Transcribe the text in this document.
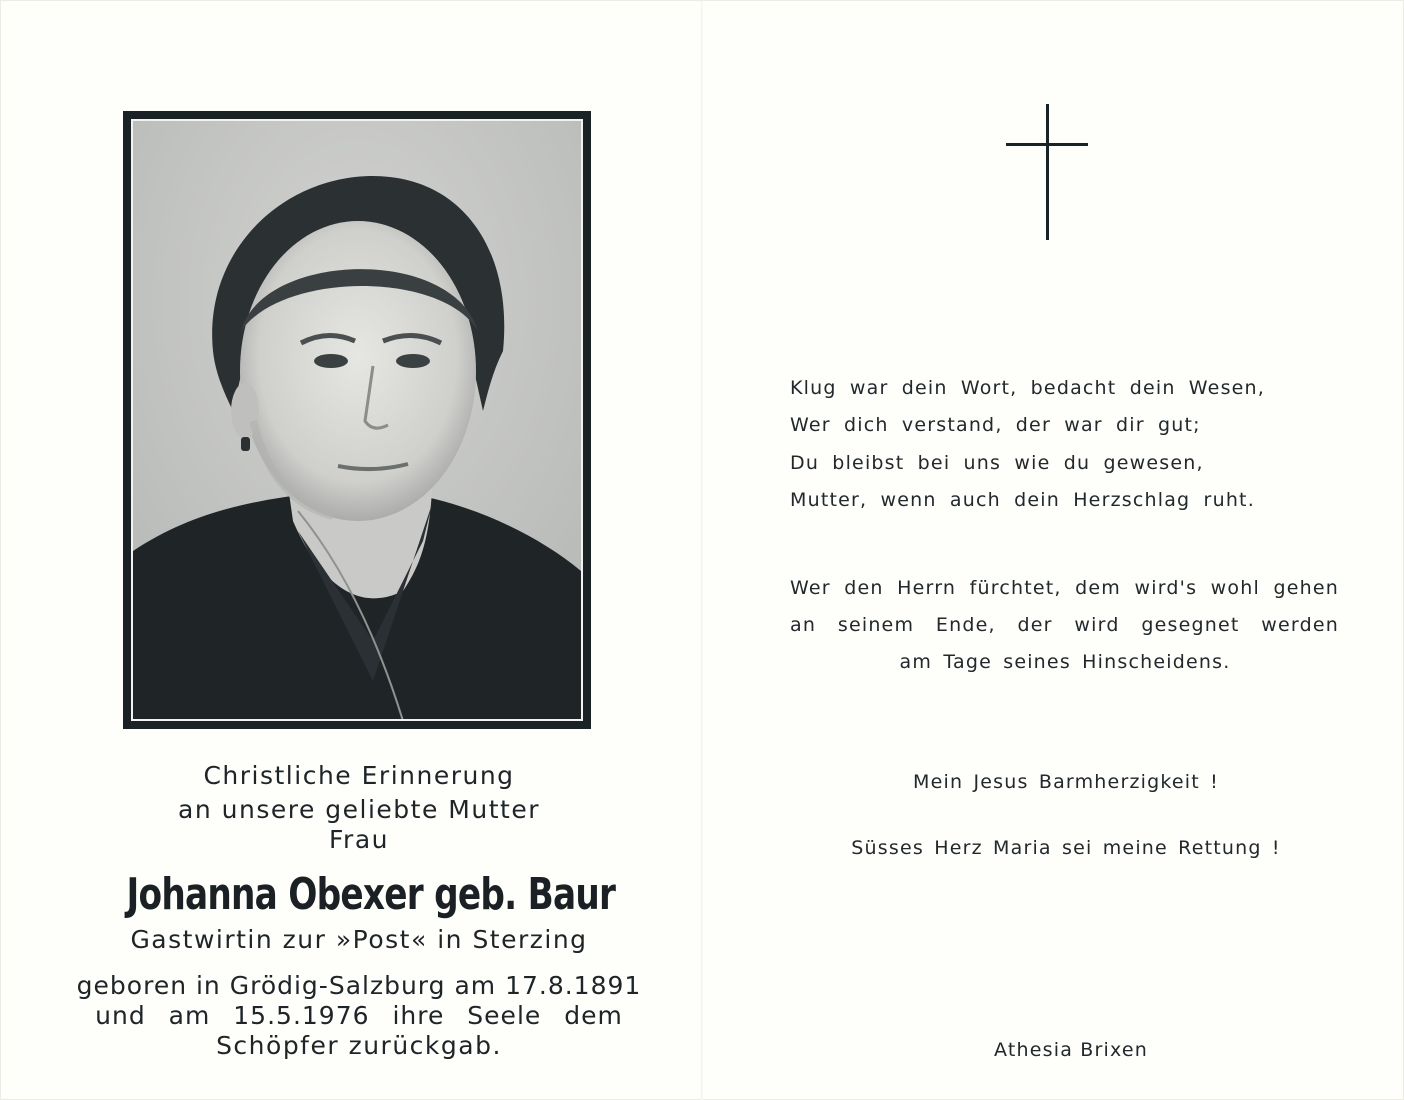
Christliche Erinnerung
an unsere geliebte Mutter
Frau
Johanna Obexer geb. Baur
Gastwirtin zur »Post« in Sterzing
geboren in Grödig-Salzburg am 17.8.1891
und am 15.5.1976 ihre Seele dem
Schöpfer zurückgab.
Klug war dein Wort, bedacht dein Wesen,
Wer dich verstand, der war dir gut;
Du bleibst bei uns wie du gewesen,
Mutter, wenn auch dein Herzschlag ruht.
Wer den Herrn fürchtet, dem wird's wohl gehen
an seinem Ende, der wird gesegnet werden
am Tage seines Hinscheidens.
Mein Jesus Barmherzigkeit !
Süsses Herz Maria sei meine Rettung !
Athesia Brixen
